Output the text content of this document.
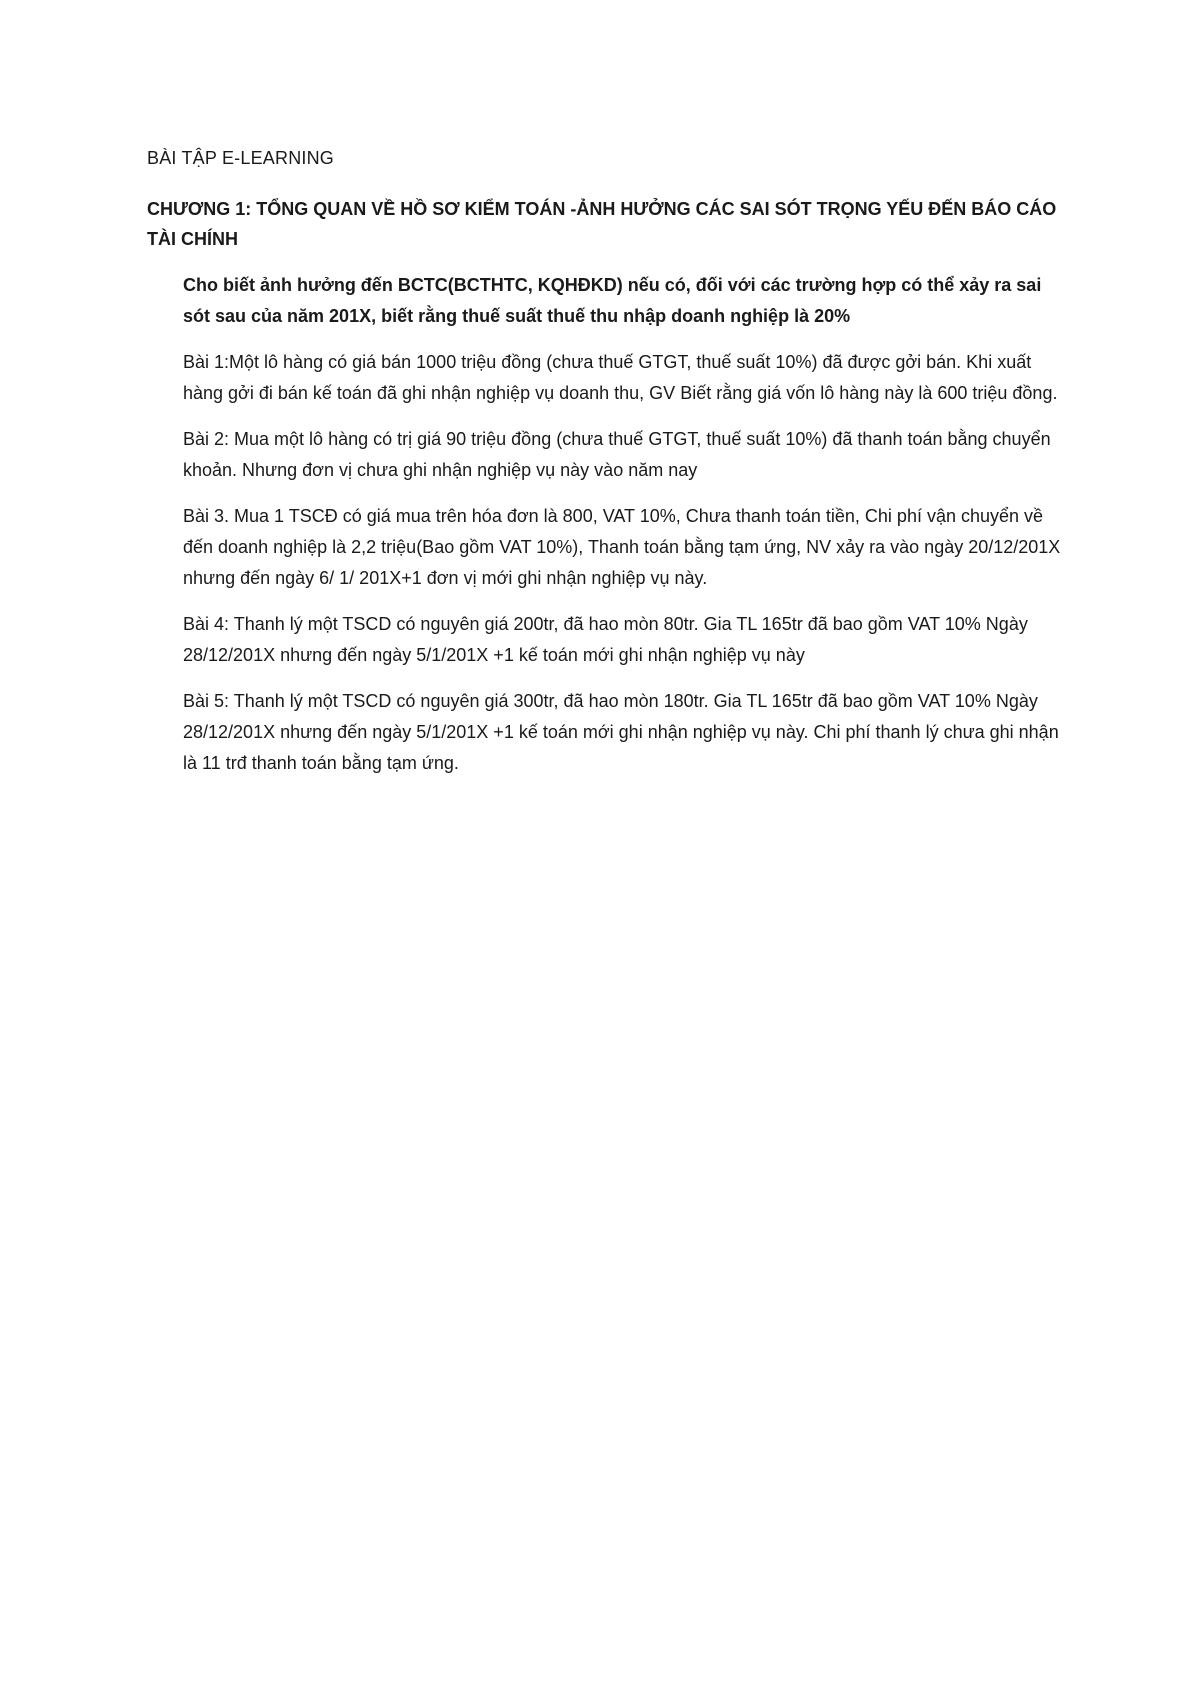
BÀI TẬP E-LEARNING
CHƯƠNG 1: TỔNG QUAN VỀ HỒ SƠ KIỂM TOÁN -ẢNH HƯỞNG CÁC SAI SÓT TRỌNG YẾU ĐẾN BÁO CÁO TÀI CHÍNH

Cho biết ảnh hưởng đến BCTC(BCTHTC, KQHĐKD) nếu có, đối với các trường hợp có thể xảy ra sai sót sau của năm 201X, biết rằng thuế suất thuế thu nhập doanh nghiệp là 20%

Bài 1:Một lô hàng có giá bán 1000 triệu đồng (chưa thuế GTGT, thuế suất 10%) đã được gởi bán. Khi xuất hàng gởi đi bán kế toán đã ghi nhận nghiệp vụ doanh thu, GV Biết rằng giá vốn lô hàng này là 600 triệu đồng.

Bài 2: Mua một lô hàng có trị giá 90 triệu đồng (chưa thuế GTGT, thuế suất 10%) đã thanh toán bằng chuyển khoản. Nhưng đơn vị chưa ghi nhận nghiệp vụ này vào năm nay

Bài 3. Mua 1 TSCĐ có giá mua trên hóa đơn là 800, VAT 10%, Chưa thanh toán tiền, Chi phí vận chuyển về đến doanh nghiệp là 2,2 triệu(Bao gồm VAT 10%), Thanh toán bằng tạm ứng, NV xảy ra vào ngày 20/12/201X nhưng đến ngày 6/ 1/ 201X+1 đơn vị mới ghi nhận nghiệp vụ này.

Bài 4: Thanh lý một TSCD có nguyên giá 200tr, đã hao mòn 80tr. Gia TL 165tr đã bao gồm VAT 10% Ngày 28/12/201X nhưng đến ngày 5/1/201X +1 kế toán mới ghi nhận nghiệp vụ này

Bài 5: Thanh lý một TSCD có nguyên giá 300tr, đã hao mòn 180tr. Gia TL 165tr đã bao gồm VAT 10% Ngày 28/12/201X nhưng đến ngày 5/1/201X +1 kế toán mới ghi nhận nghiệp vụ này. Chi phí thanh lý chưa ghi nhận là 11 trđ thanh toán bằng tạm ứng.
